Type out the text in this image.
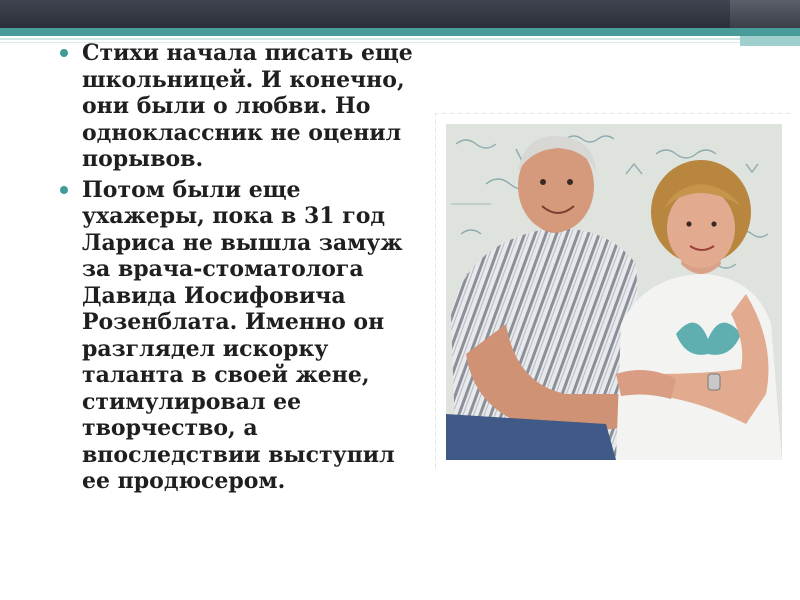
Стихи начала писать еще
школьницей. И конечно,
они были о любви. Но
одноклассник не оценил
порывов.
Потом были еще
ухажеры, пока в 31 год
Лариса не вышла замуж
за врача-стоматолога
Давида Иосифовича
Розенблата. Именно он
разглядел искорку
таланта в своей жене,
стимулировал ее
творчество, а
впоследствии выступил
ее продюсером.
